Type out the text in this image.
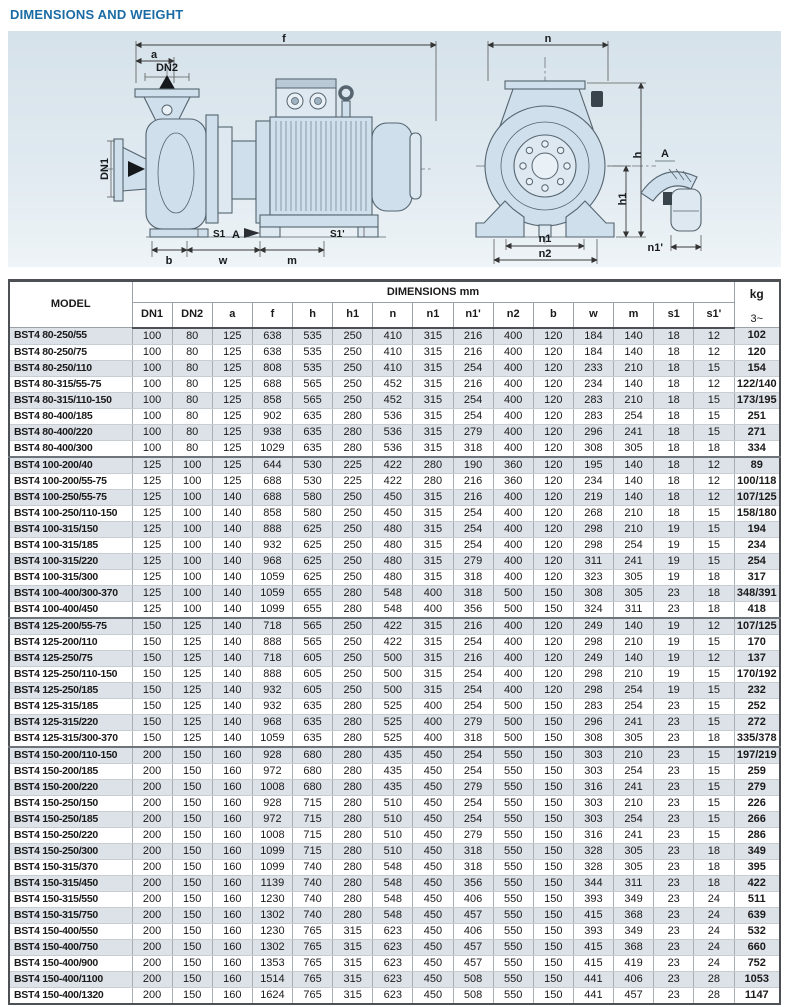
DIMENSIONS AND WEIGHT
f
a
DN2
DN1
S1 A	S1'
b	w	m
n
h
h1
n1
n2
A
n1'
MODEL	DIMENSIONS mm															kg
3~

	DN1	DN2	a	f	h	h1	n	n1	n1'	n2	b	w	m	s1	s1'	
BST4 80-250/55	100	80	125	638	535	250	410	315	216	400	120	184	140	18	12	102
BST4 80-250/75	100	80	125	638	535	250	410	315	216	400	120	184	140	18	12	120
BST4 80-250/110	100	80	125	808	535	250	410	315	254	400	120	233	210	18	15	154
BST4 80-315/55-75	100	80	125	688	565	250	452	315	216	400	120	234	140	18	12	122/140
BST4 80-315/110-150	100	80	125	858	565	250	452	315	254	400	120	283	210	18	15	173/195
BST4 80-400/185	100	80	125	902	635	280	536	315	254	400	120	283	254	18	15	251
BST4 80-400/220	100	80	125	938	635	280	536	315	279	400	120	296	241	18	15	271
BST4 80-400/300	100	80	125	1029	635	280	536	315	318	400	120	308	305	18	18	334
BST4 100-200/40	125	100	125	644	530	225	422	280	190	360	120	195	140	18	12	89
BST4 100-200/55-75	125	100	125	688	530	225	422	280	216	360	120	234	140	18	12	100/118
BST4 100-250/55-75	125	100	140	688	580	250	450	315	216	400	120	219	140	18	12	107/125
BST4 100-250/110-150	125	100	140	858	580	250	450	315	254	400	120	268	210	18	15	158/180
BST4 100-315/150	125	100	140	888	625	250	480	315	254	400	120	298	210	19	15	194
BST4 100-315/185	125	100	140	932	625	250	480	315	254	400	120	298	254	19	15	234
BST4 100-315/220	125	100	140	968	625	250	480	315	279	400	120	311	241	19	15	254
BST4 100-315/300	125	100	140	1059	625	250	480	315	318	400	120	323	305	19	18	317
BST4 100-400/300-370	125	100	140	1059	655	280	548	400	318	500	150	308	305	23	18	348/391
BST4 100-400/450	125	100	140	1099	655	280	548	400	356	500	150	324	311	23	18	418
BST4 125-200/55-75	150	125	140	718	565	250	422	315	216	400	120	249	140	19	12	107/125
BST4 125-200/110	150	125	140	888	565	250	422	315	254	400	120	298	210	19	15	170
BST4 125-250/75	150	125	140	718	605	250	500	315	216	400	120	249	140	19	12	137
BST4 125-250/110-150	150	125	140	888	605	250	500	315	254	400	120	298	210	19	15	170/192
BST4 125-250/185	150	125	140	932	605	250	500	315	254	400	120	298	254	19	15	232
BST4 125-315/185	150	125	140	932	635	280	525	400	254	500	150	283	254	23	15	252
BST4 125-315/220	150	125	140	968	635	280	525	400	279	500	150	296	241	23	15	272
BST4 125-315/300-370	150	125	140	1059	635	280	525	400	318	500	150	308	305	23	18	335/378
BST4 150-200/110-150	200	150	160	928	680	280	435	450	254	550	150	303	210	23	15	197/219
BST4 150-200/185	200	150	160	972	680	280	435	450	254	550	150	303	254	23	15	259
BST4 150-200/220	200	150	160	1008	680	280	435	450	279	550	150	316	241	23	15	279
BST4 150-250/150	200	150	160	928	715	280	510	450	254	550	150	303	210	23	15	226
BST4 150-250/185	200	150	160	972	715	280	510	450	254	550	150	303	254	23	15	266
BST4 150-250/220	200	150	160	1008	715	280	510	450	279	550	150	316	241	23	15	286
BST4 150-250/300	200	150	160	1099	715	280	510	450	318	550	150	328	305	23	18	349
BST4 150-315/370	200	150	160	1099	740	280	548	450	318	550	150	328	305	23	18	395
BST4 150-315/450	200	150	160	1139	740	280	548	450	356	550	150	344	311	23	18	422
BST4 150-315/550	200	150	160	1230	740	280	548	450	406	550	150	393	349	23	24	511
BST4 150-315/750	200	150	160	1302	740	280	548	450	457	550	150	415	368	23	24	639
BST4 150-400/550	200	150	160	1230	765	315	623	450	406	550	150	393	349	23	24	532
BST4 150-400/750	200	150	160	1302	765	315	623	450	457	550	150	415	368	23	24	660
BST4 150-400/900	200	150	160	1353	765	315	623	450	457	550	150	415	419	23	24	752
BST4 150-400/1100	200	150	160	1514	765	315	623	450	508	550	150	441	406	23	28	1053
BST4 150-400/1320	200	150	160	1624	765	315	623	450	508	550	150	441	457	23	28	1147
